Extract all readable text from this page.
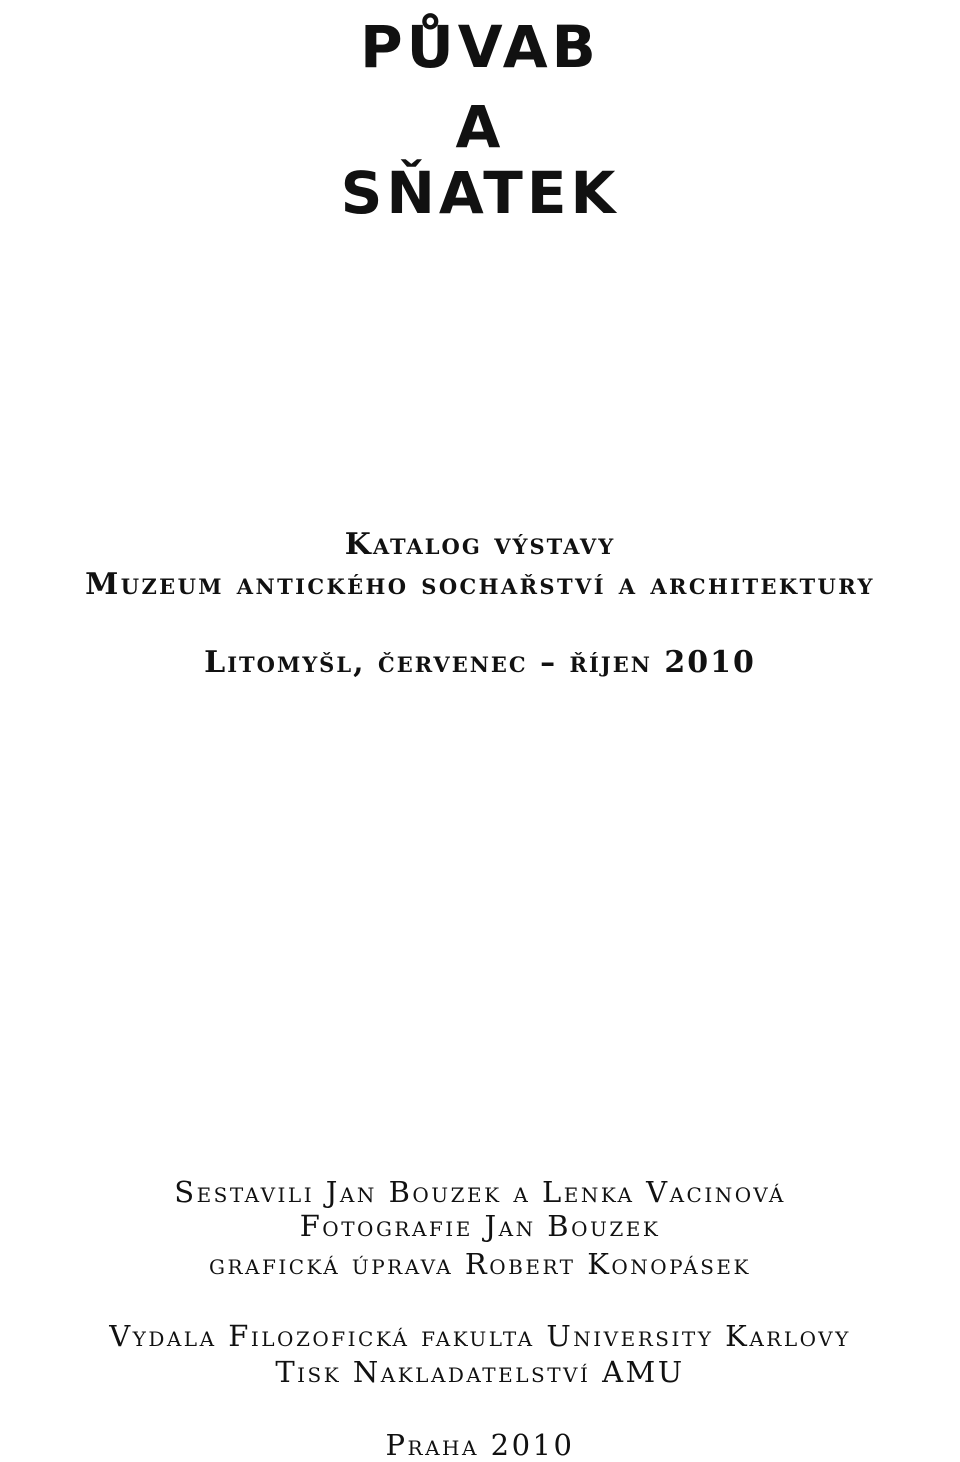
PŮVAB
A
SŇATEK
Katalog výstavy
Muzeum antického sochařství a architektury
Litomyšl, červenec – říjen 2010
Sestavili Jan Bouzek a Lenka Vacinová
Fotografie Jan Bouzek
grafická úprava Robert Konopásek
Vydala Filozofická fakulta University Karlovy
Tisk Nakladatelství AMU
Praha 2010
